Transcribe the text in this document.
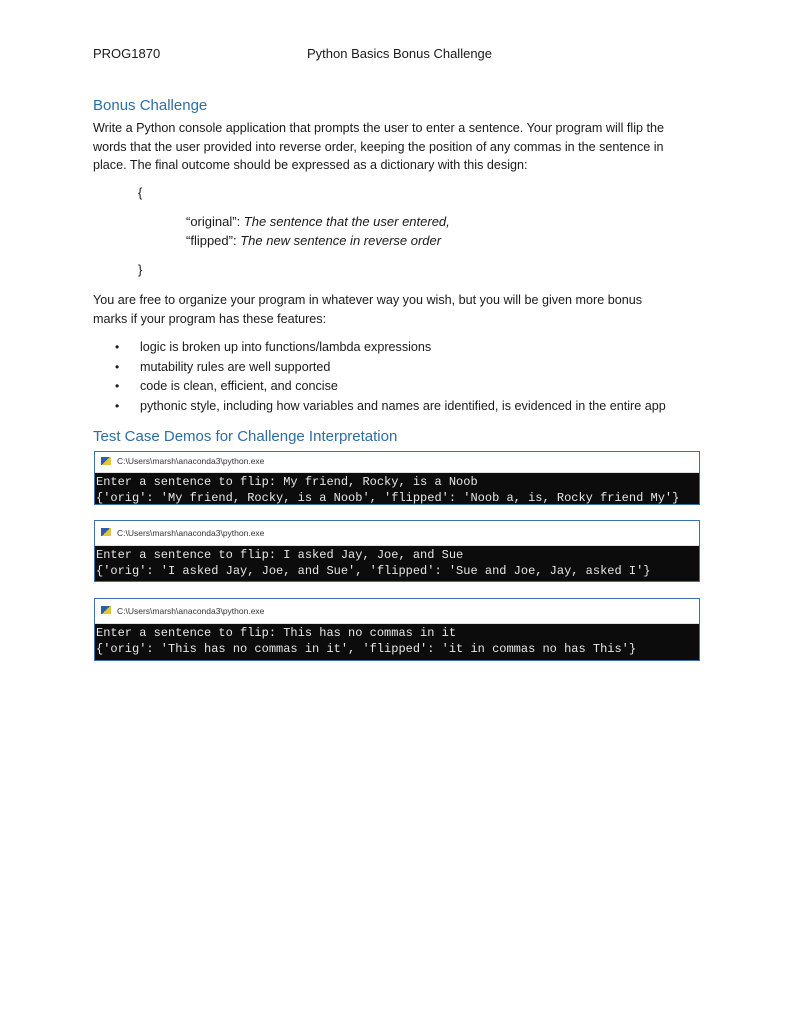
PROG1870	Python Basics Bonus Challenge
Bonus Challenge

Write a Python console application that prompts the user to enter a sentence. Your program will flip the
words that the user provided into reverse order, keeping the position of any commas in the sentence in
place. The final outcome should be expressed as a dictionary with this design:

{
“original”: The sentence that the user entered,
“flipped”: The new sentence in reverse order
}

You are free to organize your program in whatever way you wish, but you will be given more bonus
marks if your program has these features:

• logic is broken up into functions/lambda expressions
• mutability rules are well supported
• code is clean, efficient, and concise
• pythonic style, including how variables and names are identified, is evidenced in the entire app
Test Case Demos for Challenge Interpretation
C:\Users\marsh\anaconda3\python.exe
Enter a sentence to flip: My friend, Rocky, is a Noob
{'orig': 'My friend, Rocky, is a Noob', 'flipped': 'Noob a, is, Rocky friend My'}
C:\Users\marsh\anaconda3\python.exe
Enter a sentence to flip: I asked Jay, Joe, and Sue
{'orig': 'I asked Jay, Joe, and Sue', 'flipped': 'Sue and Joe, Jay, asked I'}
C:\Users\marsh\anaconda3\python.exe
Enter a sentence to flip: This has no commas in it
{'orig': 'This has no commas in it', 'flipped': 'it in commas no has This'}
